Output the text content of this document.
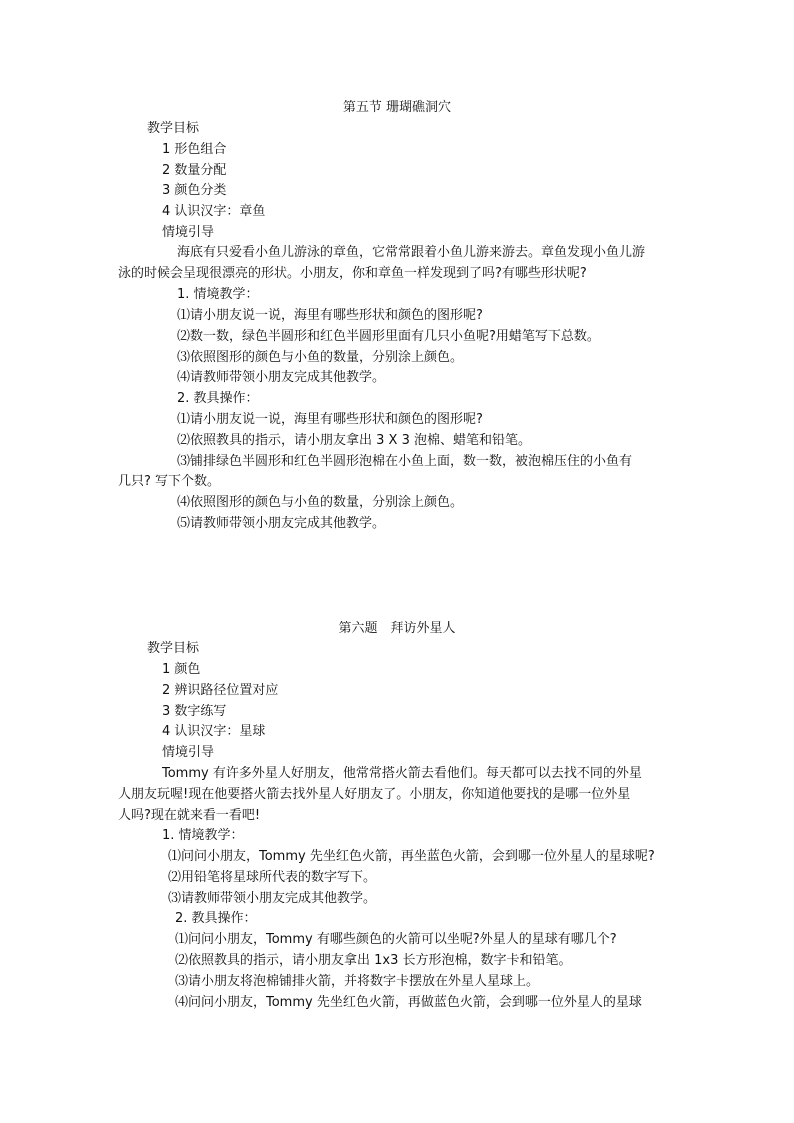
第五节 珊瑚礁洞穴
教学目标
1 形色组合
2 数量分配
3 颜色分类
4 认识汉字：章鱼
情境引导
海底有只爱看小鱼儿游泳的章鱼，它常常跟着小鱼儿游来游去。章鱼发现小鱼儿游
泳的时候会呈现很漂亮的形状。小朋友，你和章鱼一样发现到了吗?有哪些形状呢?
1. 情境教学：
⑴请小朋友说一说，海里有哪些形状和颜色的图形呢?
⑵数一数，绿色半圆形和红色半圆形里面有几只小鱼呢?用蜡笔写下总数。
⑶依照图形的颜色与小鱼的数量，分别涂上颜色。
⑷请教师带领小朋友完成其他教学。
2. 教具操作：
⑴请小朋友说一说，海里有哪些形状和颜色的图形呢?
⑵依照教具的指示，请小朋友拿出 3 X 3 泡棉、蜡笔和铅笔。
⑶铺排绿色半圆形和红色半圆形泡棉在小鱼上面，数一数，被泡棉压住的小鱼有
几只? 写下个数。
⑷依照图形的颜色与小鱼的数量，分别涂上颜色。
⑸请教师带领小朋友完成其他教学。
第六题　拜访外星人
教学目标
1 颜色
2 辨识路径位置对应
3 数字练写
4 认识汉字：星球
情境引导
Tommy 有许多外星人好朋友，他常常搭火箭去看他们。每天都可以去找不同的外星
人朋友玩喔!现在他要搭火箭去找外星人好朋友了。小朋友，你知道他要找的是哪一位外星
人吗?现在就来看一看吧!
1. 情境教学：
⑴问问小朋友，Tommy 先坐红色火箭，再坐蓝色火箭，会到哪一位外星人的星球呢?
⑵用铅笔将星球所代表的数字写下。
⑶请教师带领小朋友完成其他教学。
2. 教具操作：
⑴问问小朋友，Tommy 有哪些颜色的火箭可以坐呢?外星人的星球有哪几个?
⑵依照教具的指示，请小朋友拿出 1x3 长方形泡棉，数字卡和铅笔。
⑶请小朋友将泡棉铺排火箭，并将数字卡摆放在外星人星球上。
⑷问问小朋友，Tommy 先坐红色火箭，再做蓝色火箭，会到哪一位外星人的星球
